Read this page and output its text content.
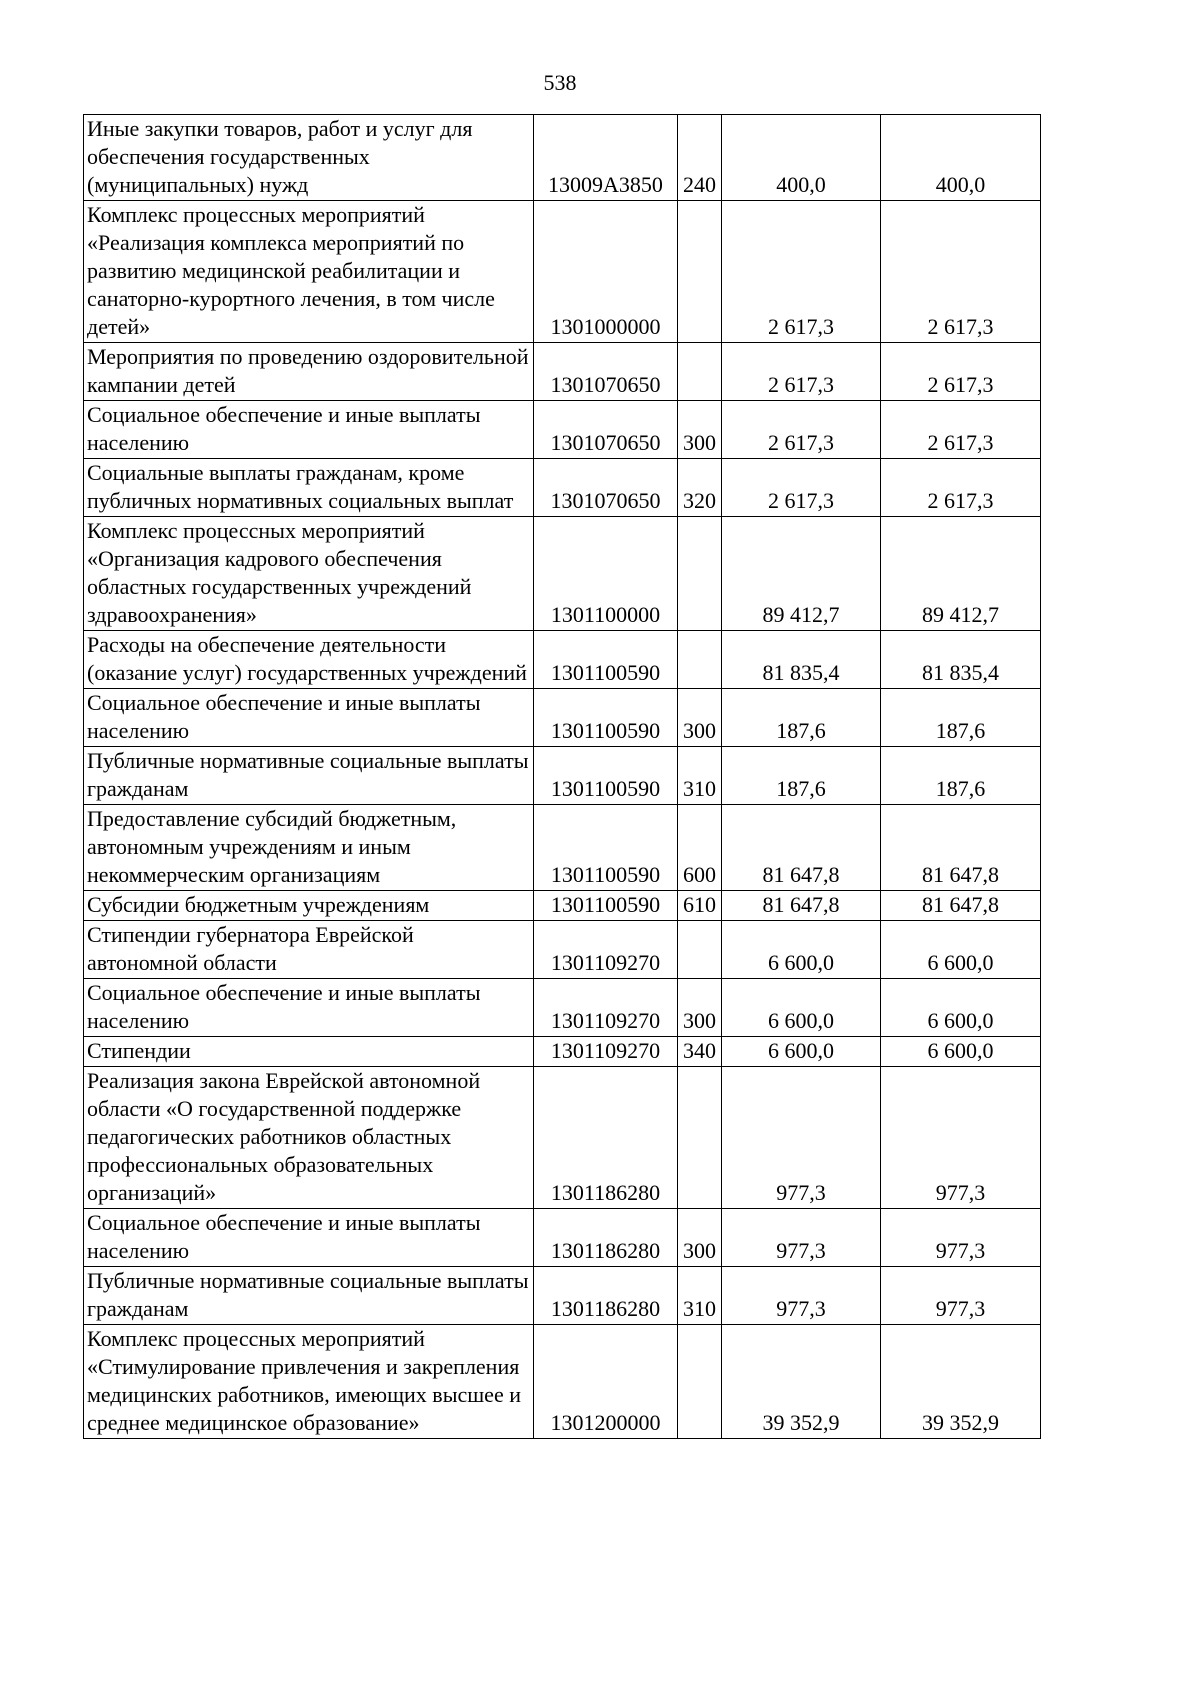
538
Иные закупки товаров, работ и услуг для обеспечения государственных (муниципальных) нужд	13009А3850	240	400,0	400,0
Комплекс процессных мероприятий «Реализация комплекса мероприятий по развитию медицинской реабилитации и санаторно-курортного лечения, в том числе детей»	1301000000		2 617,3	2 617,3
Мероприятия по проведению оздоровительной кампании детей	1301070650		2 617,3	2 617,3
Социальное обеспечение и иные выплаты населению	1301070650	300	2 617,3	2 617,3
Социальные выплаты гражданам, кроме публичных нормативных социальных выплат	1301070650	320	2 617,3	2 617,3
Комплекс процессных мероприятий «Организация кадрового обеспечения областных государственных учреждений здравоохранения»	1301100000		89 412,7	89 412,7
Расходы на обеспечение деятельности (оказание услуг) государственных учреждений	1301100590		81 835,4	81 835,4
Социальное обеспечение и иные выплаты населению	1301100590	300	187,6	187,6
Публичные нормативные социальные выплаты гражданам	1301100590	310	187,6	187,6
Предоставление субсидий бюджетным, автономным учреждениям и иным некоммерческим организациям	1301100590	600	81 647,8	81 647,8
Субсидии бюджетным учреждениям	1301100590	610	81 647,8	81 647,8
Стипендии губернатора Еврейской автономной области	1301109270		6 600,0	6 600,0
Социальное обеспечение и иные выплаты населению	1301109270	300	6 600,0	6 600,0
Стипендии	1301109270	340	6 600,0	6 600,0
Реализация закона Еврейской автономной области «О государственной поддержке педагогических работников областных профессиональных образовательных организаций»	1301186280		977,3	977,3
Социальное обеспечение и иные выплаты населению	1301186280	300	977,3	977,3
Публичные нормативные социальные выплаты гражданам	1301186280	310	977,3	977,3
Комплекс процессных мероприятий «Стимулирование привлечения и закрепления медицинских работников, имеющих высшее и среднее медицинское образование»	1301200000		39 352,9	39 352,9
